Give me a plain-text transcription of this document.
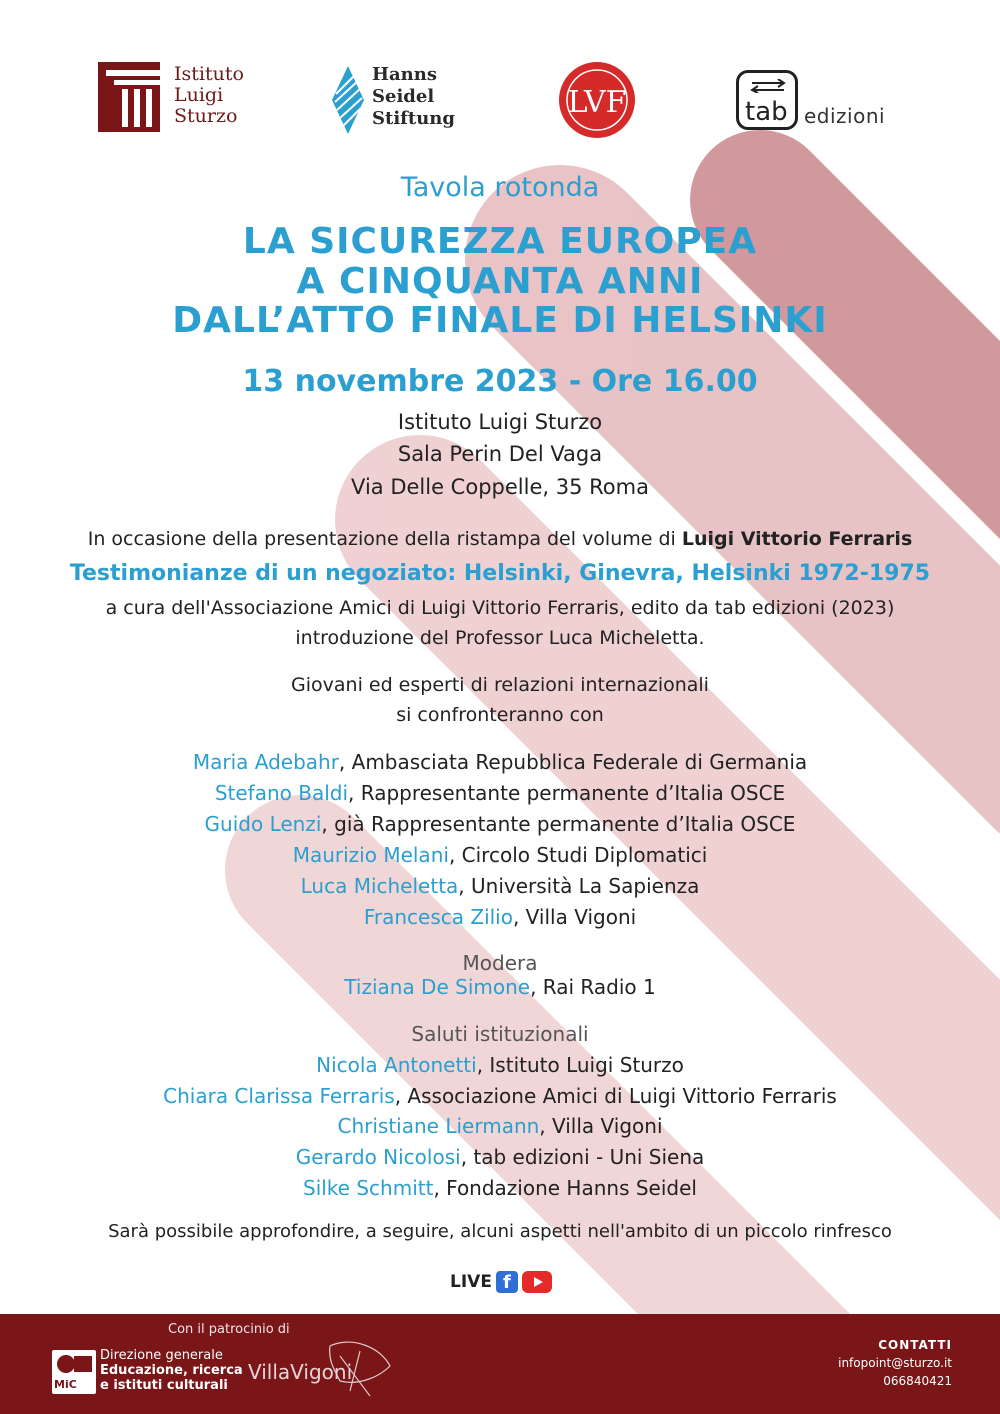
Istituto
Luigi
Sturzo
Hanns
Seidel
Stiftung	LVF	tab edizioni
Tavola rotonda
LA SICUREZZA EUROPEA
A CINQUANTA ANNI
DALL’ATTO FINALE DI HELSINKI
13 novembre 2023 - Ore 16.00
Istituto Luigi Sturzo
Sala Perin Del Vaga
Via Delle Coppelle, 35 Roma
In occasione della presentazione della ristampa del volume di Luigi Vittorio Ferraris
Testimonianze di un negoziato: Helsinki, Ginevra, Helsinki 1972-1975
a cura dell'Associazione Amici di Luigi Vittorio Ferraris, edito da tab edizioni (2023)
introduzione del Professor Luca Micheletta.
Giovani ed esperti di relazioni internazionali
si confronteranno con
Maria Adebahr, Ambasciata Repubblica Federale di Germania
Stefano Baldi, Rappresentante permanente d’Italia OSCE
Guido Lenzi, già Rappresentante permanente d’Italia OSCE
Maurizio Melani, Circolo Studi Diplomatici
Luca Micheletta, Università La Sapienza
Francesca Zilio, Villa Vigoni
Modera
Tiziana De Simone, Rai Radio 1
Saluti istituzionali
Nicola Antonetti, Istituto Luigi Sturzo
Chiara Clarissa Ferraris, Associazione Amici di Luigi Vittorio Ferraris
Christiane Liermann, Villa Vigoni
Gerardo Nicolosi, tab edizioni - Uni Siena
Silke Schmitt, Fondazione Hanns Seidel
Sarà possibile approfondire, a seguire, alcuni aspetti nell'ambito di un piccolo rinfresco
LIVE f
Con il patrocinio di
MiC
Direzione generale
Educazione, ricerca
e istituti culturali
VillaVigoni
CONTATTI
infopoint@sturzo.it
066840421
